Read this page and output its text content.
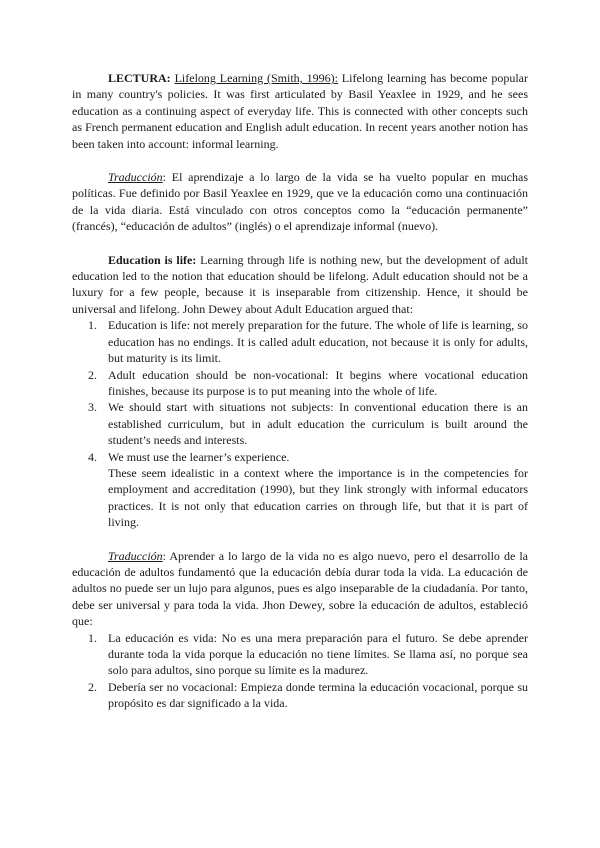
LECTURA: Lifelong Learning (Smith, 1996): Lifelong learning has become popular in many country's policies. It was first articulated by Basil Yeaxlee in 1929, and he sees education as a continuing aspect of everyday life. This is connected with other concepts such as French permanent education and English adult education. In recent years another notion has been taken into account: informal learning.

Traducción: El aprendizaje a lo largo de la vida se ha vuelto popular en muchas políticas. Fue definido por Basil Yeaxlee en 1929, que ve la educación como una continuación de la vida diaria. Está vinculado con otros conceptos como la “educación permanente” (francés), “educación de adultos” (inglés) o el aprendizaje informal (nuevo).

Education is life: Learning through life is nothing new, but the development of adult education led to the notion that education should be lifelong. Adult education should not be a luxury for a few people, because it is inseparable from citizenship. Hence, it should be universal and lifelong. John Dewey about Adult Education argued that:

1. Education is life: not merely preparation for the future. The whole of life is learning, so education has no endings. It is called adult education, not because it is only for adults, but maturity is its limit.
2. Adult education should be non-vocational: It begins where vocational education finishes, because its purpose is to put meaning into the whole of life.
3. We should start with situations not subjects: In conventional education there is an established curriculum, but in adult education the curriculum is built around the student’s needs and interests.
4. We must use the learner’s experience.

These seem idealistic in a context where the importance is in the competencies for employment and accreditation (1990), but they link strongly with informal educators practices. It is not only that education carries on through life, but that it is part of living.

Traducción: Aprender a lo largo de la vida no es algo nuevo, pero el desarrollo de la educación de adultos fundamentó que la educación debía durar toda la vida. La educación de adultos no puede ser un lujo para algunos, pues es algo inseparable de la ciudadanía. Por tanto, debe ser universal y para toda la vida. Jhon Dewey, sobre la educación de adultos, estableció que:

1. La educación es vida: No es una mera preparación para el futuro. Se debe aprender durante toda la vida porque la educación no tiene límites. Se llama así, no porque sea solo para adultos, sino porque su límite es la madurez.
2. Debería ser no vocacional: Empieza donde termina la educación vocacional, porque su propósito es dar significado a la vida.
